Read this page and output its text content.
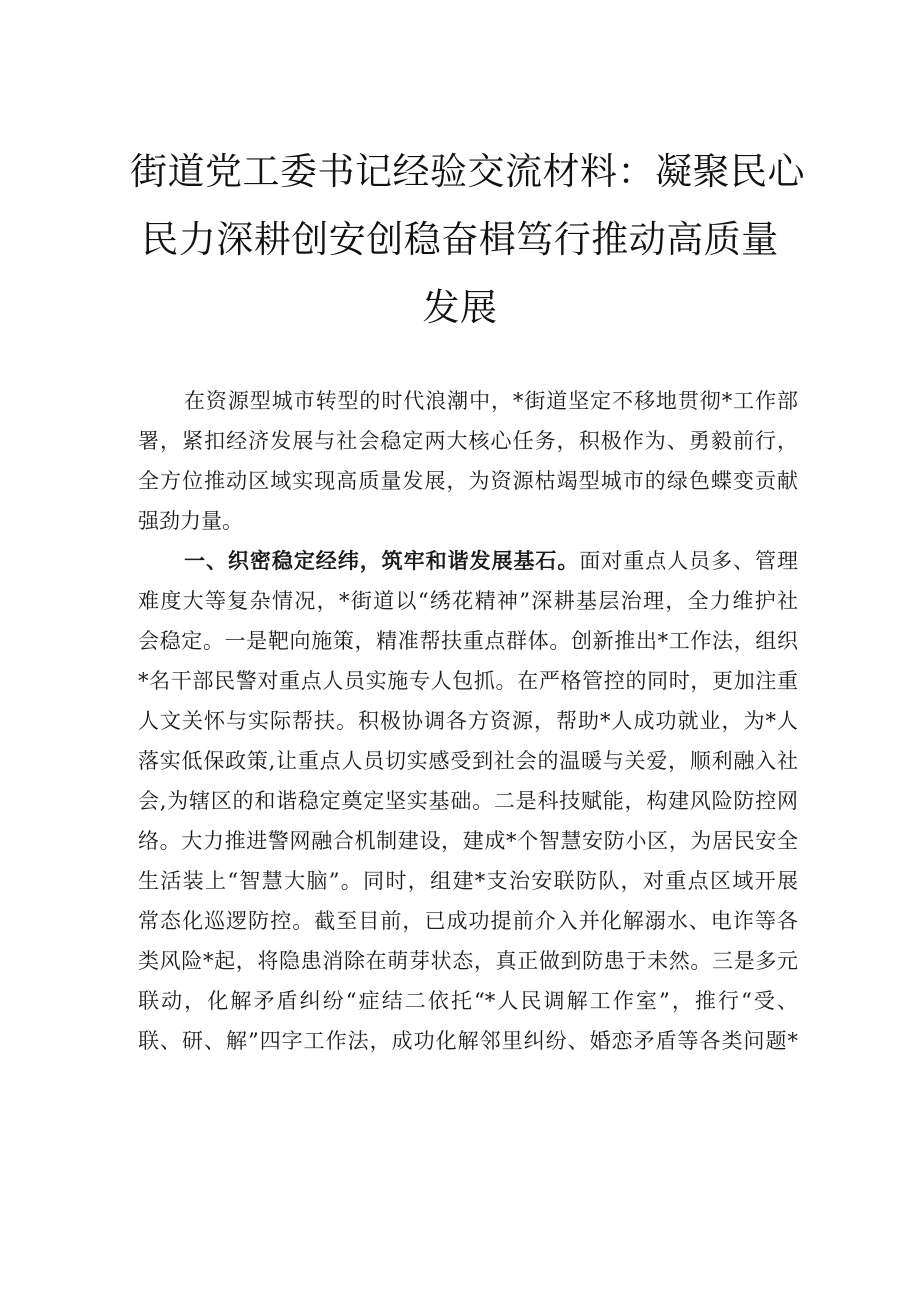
街道党工委书记经验交流材料：凝聚民心
民力深耕创安创稳奋楫笃行推动高质量
发展
在资源型城市转型的时代浪潮中，*街道坚定不移地贯彻*工作部
署，紧扣经济发展与社会稳定两大核心任务，积极作为、勇毅前行，
全方位推动区域实现高质量发展，为资源枯竭型城市的绿色蝶变贡献
强劲力量。
一、织密稳定经纬，筑牢和谐发展基石。面对重点人员多、管理
难度大等复杂情况，*街道以“绣花精神”深耕基层治理，全力维护社
会稳定。一是靶向施策，精准帮扶重点群体。创新推出*工作法，组织
*名干部民警对重点人员实施专人包抓。在严格管控的同时，更加注重
人文关怀与实际帮扶。积极协调各方资源，帮助*人成功就业，为*人
落实低保政策,让重点人员切实感受到社会的温暖与关爱，顺利融入社
会,为辖区的和谐稳定奠定坚实基础。二是科技赋能，构建风险防控网
络。大力推进警网融合机制建设，建成*个智慧安防小区，为居民安全
生活装上“智慧大脑”。同时，组建*支治安联防队，对重点区域开展
常态化巡逻防控。截至目前，已成功提前介入并化解溺水、电诈等各
类风险*起，将隐患消除在萌芽状态，真正做到防患于未然。三是多元
联动，化解矛盾纠纷“症结二依托“*人民调解工作室”，推行“受、
联、研、解”四字工作法，成功化解邻里纠纷、婚恋矛盾等各类问题*
